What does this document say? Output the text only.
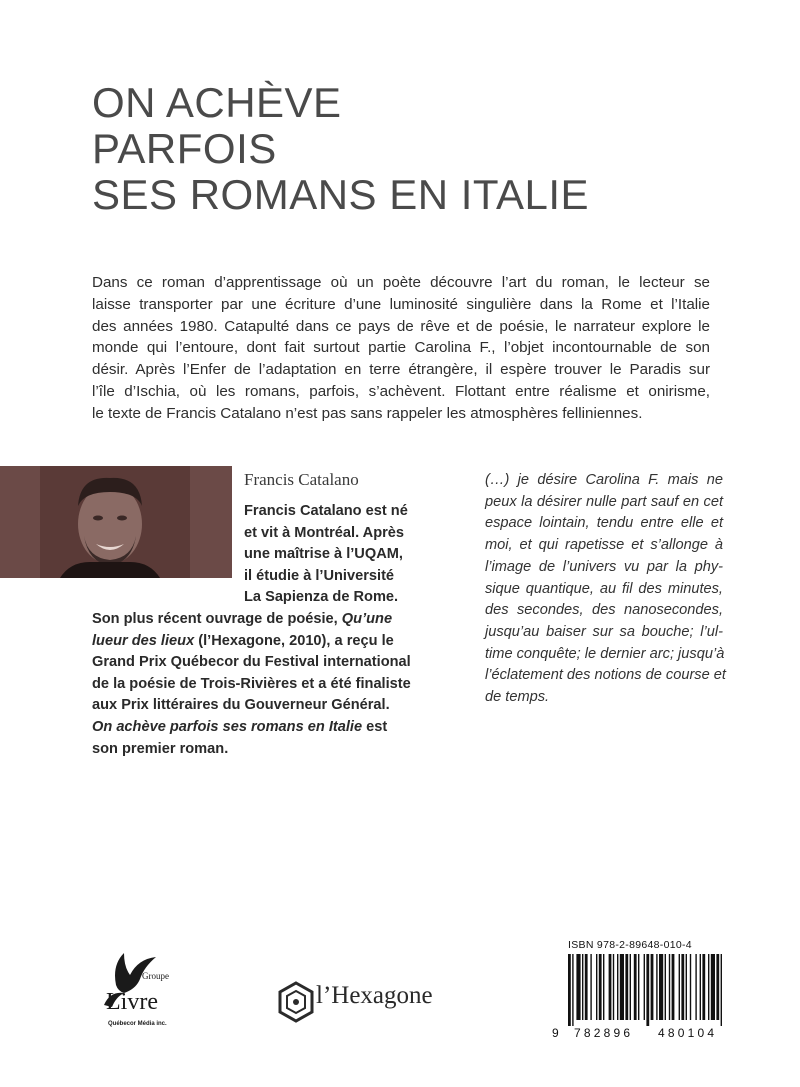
ON ACHÈVE
PARFOIS
SES ROMANS EN ITALIE
Dans ce roman d’apprentissage où un poète découvre l’art du roman, le lecteur se
laisse transporter par une écriture d’une luminosité singulière dans la Rome et l’Italie
des années 1980. Catapulté dans ce pays de rêve et de poésie, le narrateur explore le
monde qui l’entoure, dont fait surtout partie Carolina F., l’objet incontournable de son
désir. Après l’Enfer de l’adaptation en terre étrangère, il espère trouver le Paradis sur
l’île d’Ischia, où les romans, parfois, s’achèvent. Flottant entre réalisme et onirisme,
le texte de Francis Catalano n’est pas sans rappeler les atmosphères felliniennes.
Francis Catalano
Francis Catalano est né
et vit à Montréal. Après
une maîtrise à l’UQAM,
il étudie à l’Université
La Sapienza de Rome.
Son plus récent ouvrage de poésie, Qu’une
lueur des lieux (l’Hexagone, 2010), a reçu le
Grand Prix Québecor du Festival international
de la poésie de Trois-Rivières et a été finaliste
aux Prix littéraires du Gouverneur Général.
On achève parfois ses romans en Italie est
son premier roman.
(…) je désire Carolina F. mais ne
peux la désirer nulle part sauf en cet
espace lointain, tendu entre elle et
moi, et qui rapetisse et s’allonge à
l’image de l’univers vu par la phy-
sique quantique, au fil des minutes,
des secondes, des nanosecondes,
jusqu’au baiser sur sa bouche; l’ul-
time conquête; le dernier arc; jusqu’à
l’éclatement des notions de course et
de temps.
Groupe
Livre
Québecor Média inc.
l’Hexagone
ISBN 978-2-89648-010-4
9 782896 480104
